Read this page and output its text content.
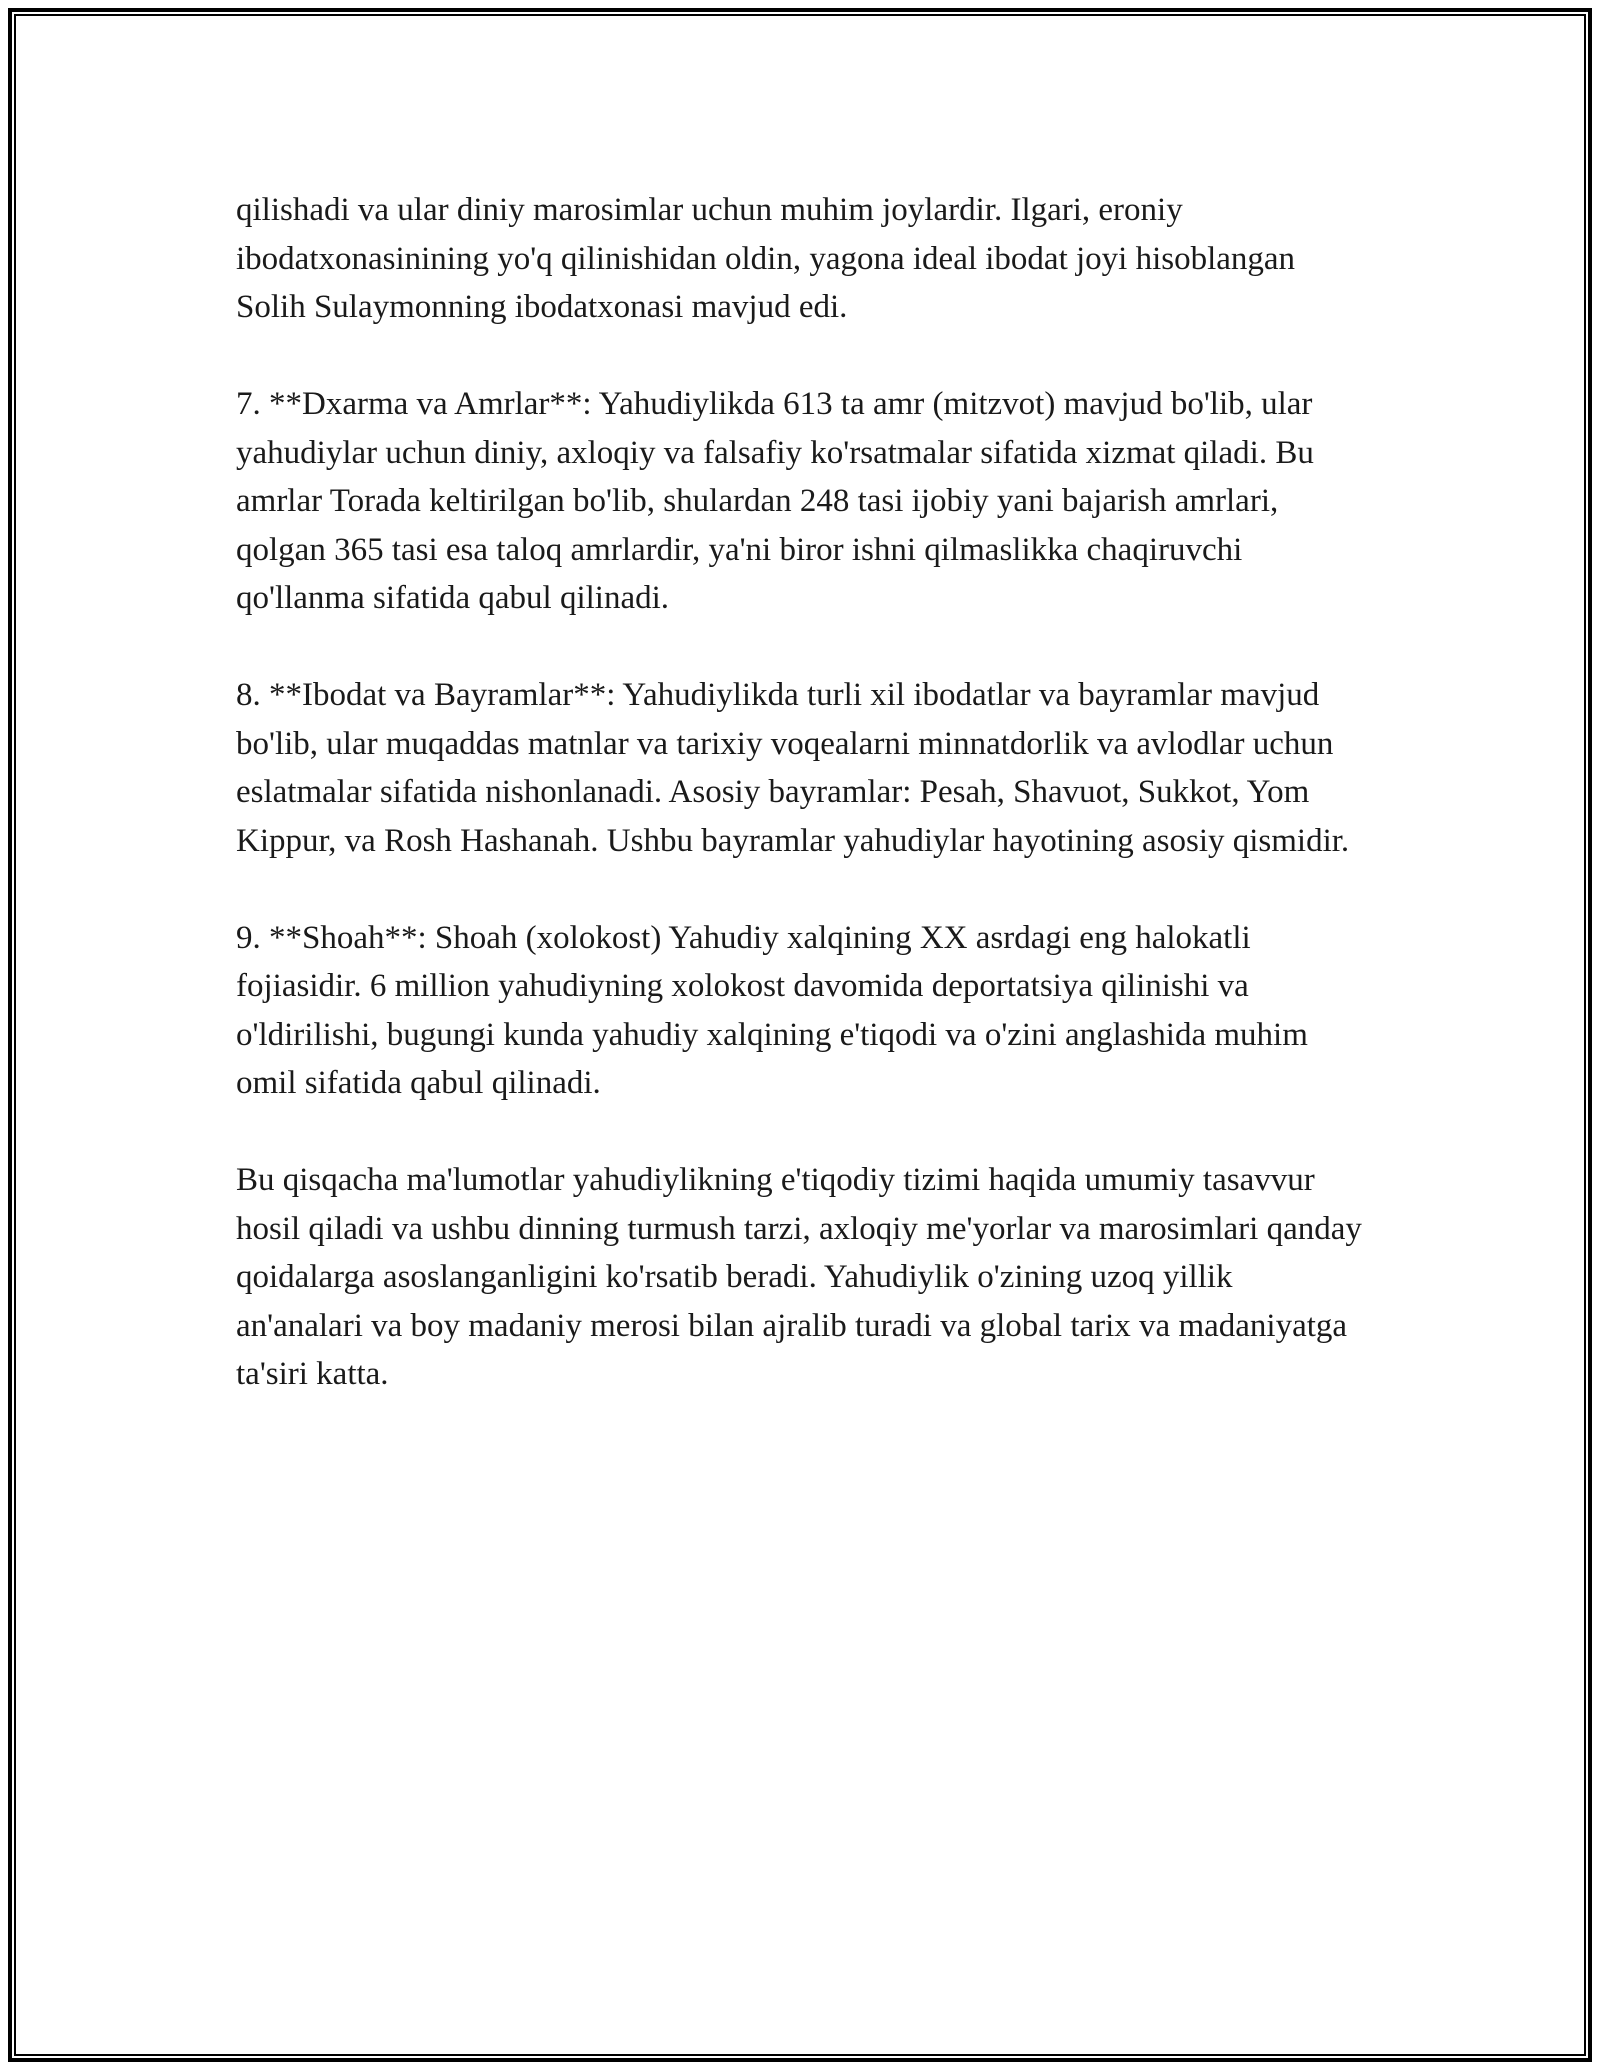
qilishadi va ular diniy marosimlar uchun muhim joylardir. Ilgari, eroniy ibodatxonasinining yo'q qilinishidan oldin, yagona ideal ibodat joyi hisoblangan Solih Sulaymonning ibodatxonasi mavjud edi.

7. **Dxarma va Amrlar**: Yahudiylikda 613 ta amr (mitzvot) mavjud bo'lib, ular yahudiylar uchun diniy, axloqiy va falsafiy ko'rsatmalar sifatida xizmat qiladi. Bu amrlar Torada keltirilgan bo'lib, shulardan 248 tasi ijobiy yani bajarish amrlari, qolgan 365 tasi esa taloq amrlardir, ya'ni biror ishni qilmaslikka chaqiruvchi qo'llanma sifatida qabul qilinadi.

8. **Ibodat va Bayramlar**: Yahudiylikda turli xil ibodatlar va bayramlar mavjud bo'lib, ular muqaddas matnlar va tarixiy voqealarni minnatdorlik va avlodlar uchun eslatmalar sifatida nishonlanadi. Asosiy bayramlar: Pesah, Shavuot, Sukkot, Yom Kippur, va Rosh Hashanah. Ushbu bayramlar yahudiylar hayotining asosiy qismidir.

9. **Shoah**: Shoah (xolokost) Yahudiy xalqining XX asrdagi eng halokatli fojiasidir. 6 million yahudiyning xolokost davomida deportatsiya qilinishi va o'ldirilishi, bugungi kunda yahudiy xalqining e'tiqodi va o'zini anglashida muhim omil sifatida qabul qilinadi.

Bu qisqacha ma'lumotlar yahudiylikning e'tiqodiy tizimi haqida umumiy tasavvur hosil qiladi va ushbu dinning turmush tarzi, axloqiy me'yorlar va marosimlari qanday qoidalarga asoslanganligini ko'rsatib beradi. Yahudiylik o'zining uzoq yillik an'analari va boy madaniy merosi bilan ajralib turadi va global tarix va madaniyatga ta'siri katta.
